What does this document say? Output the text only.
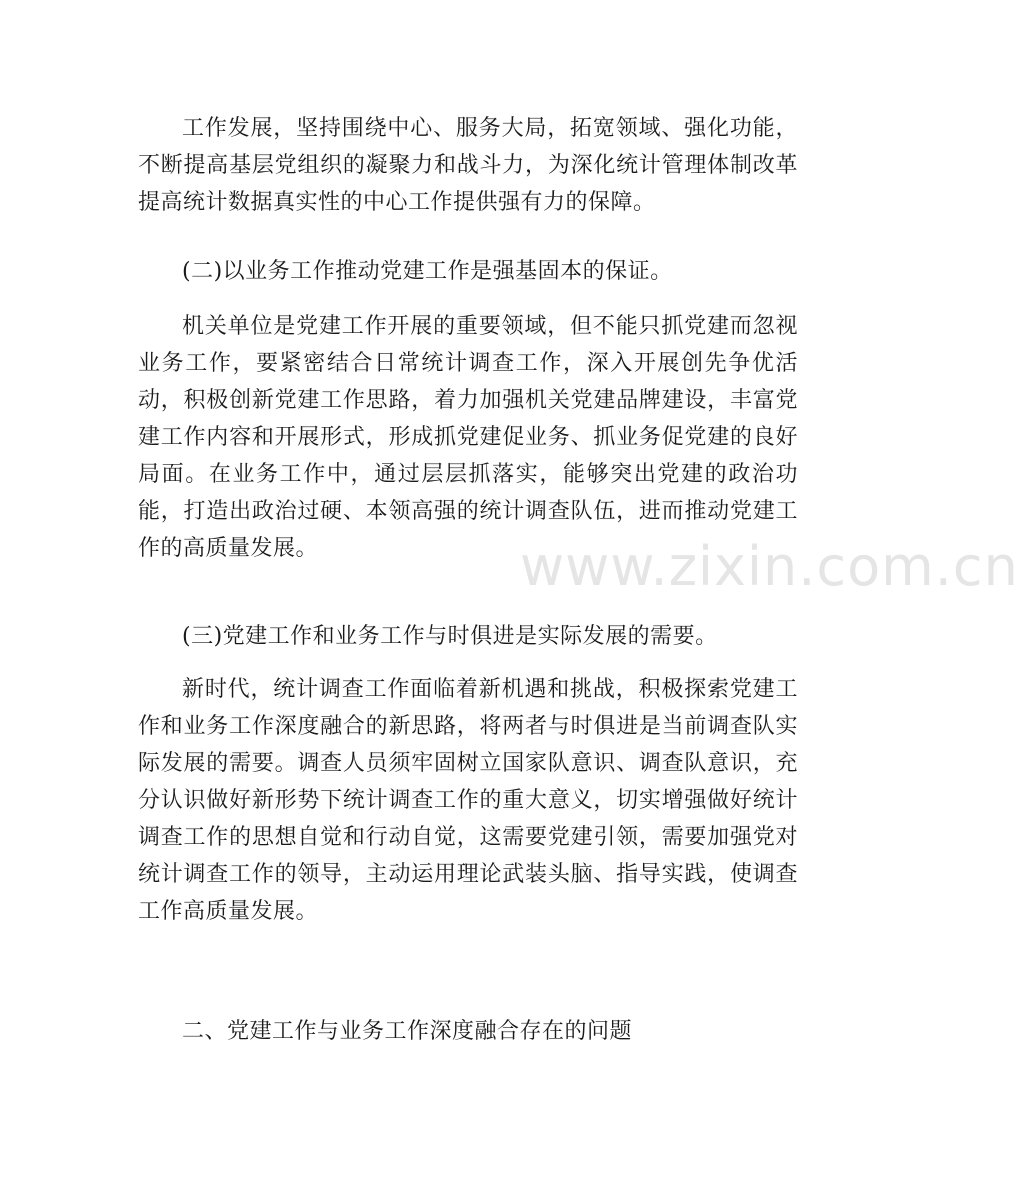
工作发展，坚持围绕中心、服务大局，拓宽领域、强化功能，不断提高基层党组织的凝聚力和战斗力，为深化统计管理体制改革提高统计数据真实性的中心工作提供强有力的保障。

(二)以业务工作推动党建工作是强基固本的保证。

机关单位是党建工作开展的重要领域，但不能只抓党建而忽视业务工作，要紧密结合日常统计调查工作，深入开展创先争优活动，积极创新党建工作思路，着力加强机关党建品牌建设，丰富党建工作内容和开展形式，形成抓党建促业务、抓业务促党建的良好局面。在业务工作中，通过层层抓落实，能够突出党建的政治功能，打造出政治过硬、本领高强的统计调查队伍，进而推动党建工作的高质量发展。

(三)党建工作和业务工作与时俱进是实际发展的需要。

新时代，统计调查工作面临着新机遇和挑战，积极探索党建工作和业务工作深度融合的新思路，将两者与时俱进是当前调查队实际发展的需要。调查人员须牢固树立国家队意识、调查队意识，充分认识做好新形势下统计调查工作的重大意义，切实增强做好统计调查工作的思想自觉和行动自觉，这需要党建引领，需要加强党对统计调查工作的领导，主动运用理论武装头脑、指导实践，使调查工作高质量发展。

二、党建工作与业务工作深度融合存在的问题

www.zixin.com.cn
